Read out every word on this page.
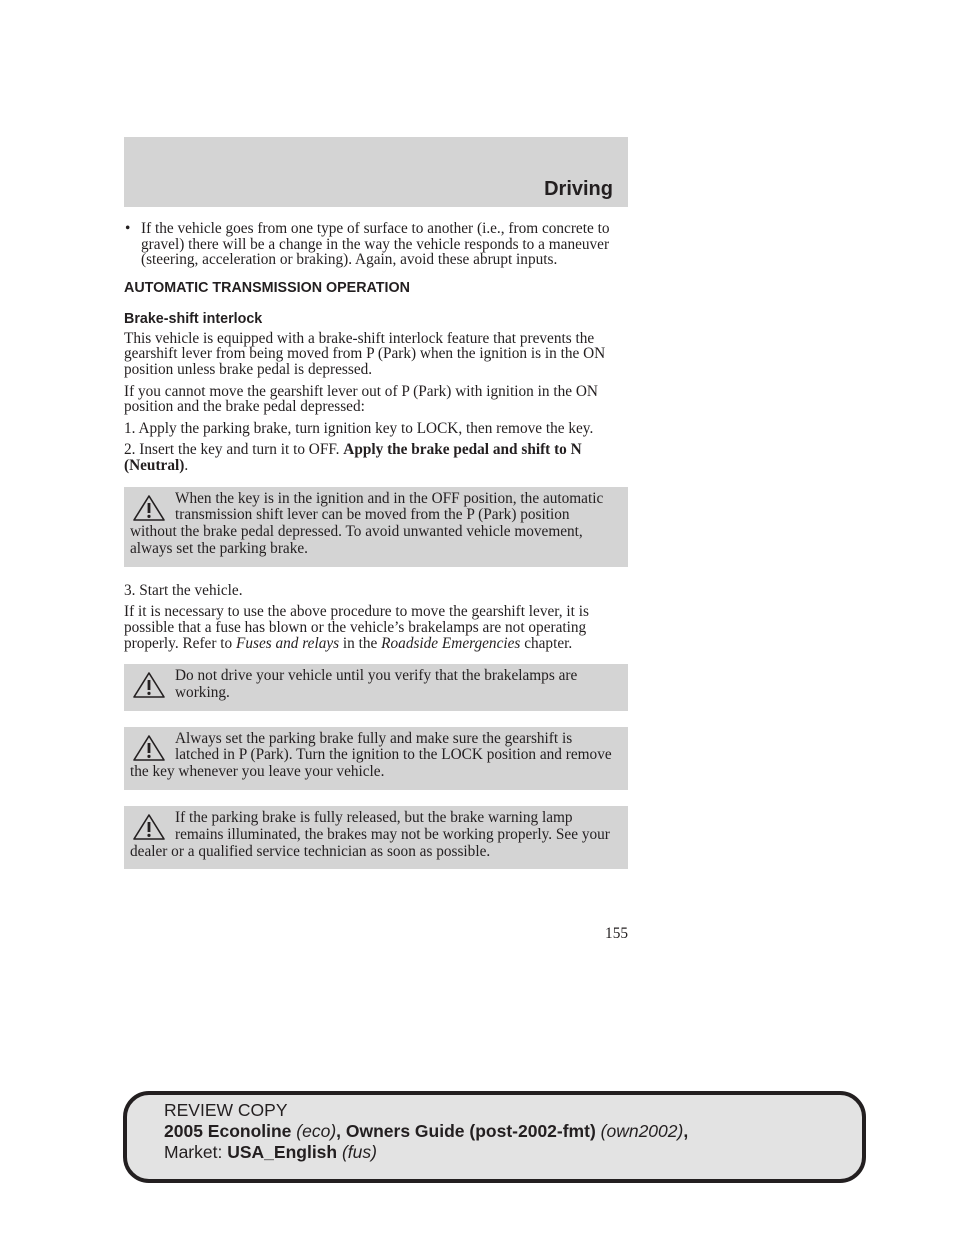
Driving
• If the vehicle goes from one type of surface to another (i.e., from concrete to gravel) there will be a change in the way the vehicle responds to a maneuver (steering, acceleration or braking). Again, avoid these abrupt inputs.
AUTOMATIC TRANSMISSION OPERATION
Brake-shift interlock

This vehicle is equipped with a brake-shift interlock feature that prevents the gearshift lever from being moved from P (Park) when the ignition is in the ON position unless brake pedal is depressed.

If you cannot move the gearshift lever out of P (Park) with ignition in the ON position and the brake pedal depressed:

1. Apply the parking brake, turn ignition key to LOCK, then remove the key.

2. Insert the key and turn it to OFF. Apply the brake pedal and shift to N (Neutral).

When the key is in the ignition and in the OFF position, the automatic transmission shift lever can be moved from the P (Park) position without the brake pedal depressed. To avoid unwanted vehicle movement, always set the parking brake.

3. Start the vehicle.

If it is necessary to use the above procedure to move the gearshift lever, it is possible that a fuse has blown or the vehicle’s brakelamps are not operating properly. Refer to Fuses and relays in the Roadside Emergencies chapter.

Do not drive your vehicle until you verify that the brakelamps are working.
Always set the parking brake fully and make sure the gearshift is latched in P (Park). Turn the ignition to the LOCK position and remove the key whenever you leave your vehicle.
If the parking brake is fully released, but the brake warning lamp remains illuminated, the brakes may not be working properly. See your dealer or a qualified service technician as soon as possible.
155
REVIEW COPY
2005 Econoline (eco), Owners Guide (post-2002-fmt) (own2002),
Market: USA_English (fus)
